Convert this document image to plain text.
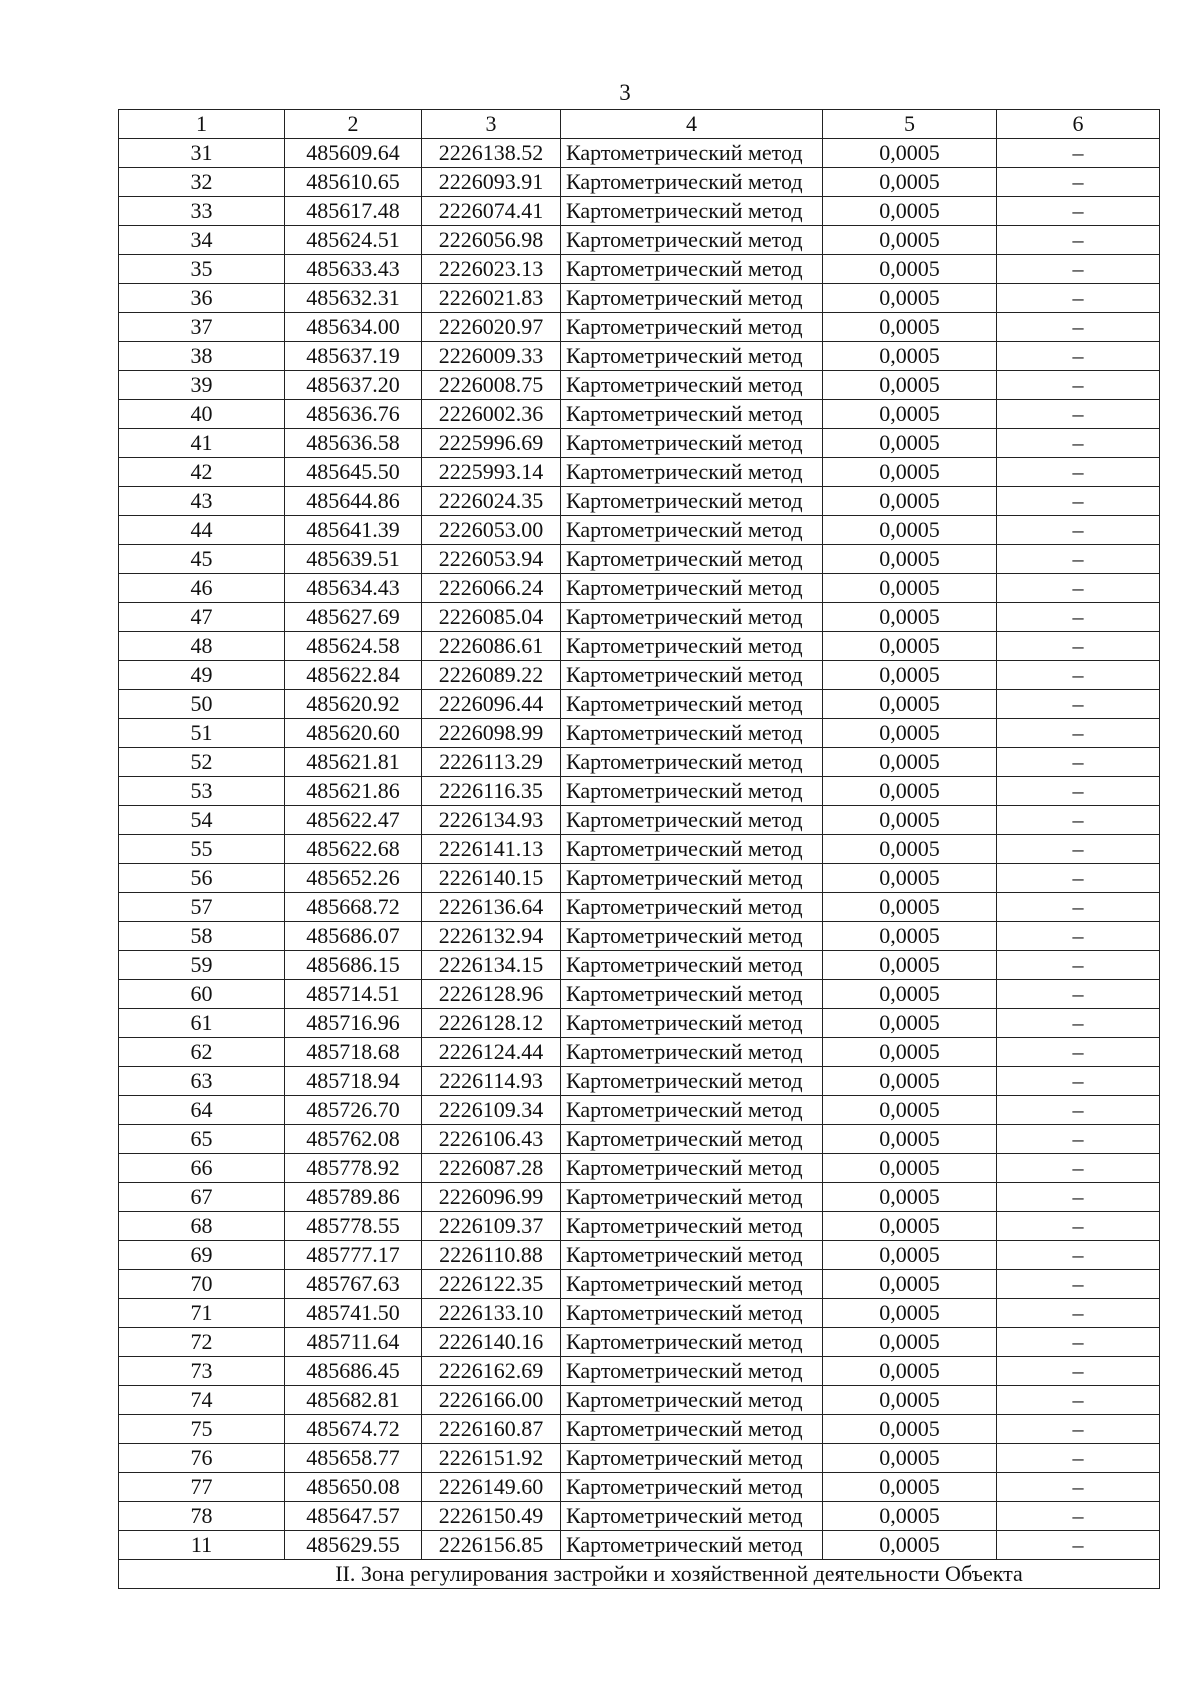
3
1	2	3	4	5	6
31	485609.64	2226138.52	Картометрический метод	0,0005	–
32	485610.65	2226093.91	Картометрический метод	0,0005	–
33	485617.48	2226074.41	Картометрический метод	0,0005	–
34	485624.51	2226056.98	Картометрический метод	0,0005	–
35	485633.43	2226023.13	Картометрический метод	0,0005	–
36	485632.31	2226021.83	Картометрический метод	0,0005	–
37	485634.00	2226020.97	Картометрический метод	0,0005	–
38	485637.19	2226009.33	Картометрический метод	0,0005	–
39	485637.20	2226008.75	Картометрический метод	0,0005	–
40	485636.76	2226002.36	Картометрический метод	0,0005	–
41	485636.58	2225996.69	Картометрический метод	0,0005	–
42	485645.50	2225993.14	Картометрический метод	0,0005	–
43	485644.86	2226024.35	Картометрический метод	0,0005	–
44	485641.39	2226053.00	Картометрический метод	0,0005	–
45	485639.51	2226053.94	Картометрический метод	0,0005	–
46	485634.43	2226066.24	Картометрический метод	0,0005	–
47	485627.69	2226085.04	Картометрический метод	0,0005	–
48	485624.58	2226086.61	Картометрический метод	0,0005	–
49	485622.84	2226089.22	Картометрический метод	0,0005	–
50	485620.92	2226096.44	Картометрический метод	0,0005	–
51	485620.60	2226098.99	Картометрический метод	0,0005	–
52	485621.81	2226113.29	Картометрический метод	0,0005	–
53	485621.86	2226116.35	Картометрический метод	0,0005	–
54	485622.47	2226134.93	Картометрический метод	0,0005	–
55	485622.68	2226141.13	Картометрический метод	0,0005	–
56	485652.26	2226140.15	Картометрический метод	0,0005	–
57	485668.72	2226136.64	Картометрический метод	0,0005	–
58	485686.07	2226132.94	Картометрический метод	0,0005	–
59	485686.15	2226134.15	Картометрический метод	0,0005	–
60	485714.51	2226128.96	Картометрический метод	0,0005	–
61	485716.96	2226128.12	Картометрический метод	0,0005	–
62	485718.68	2226124.44	Картометрический метод	0,0005	–
63	485718.94	2226114.93	Картометрический метод	0,0005	–
64	485726.70	2226109.34	Картометрический метод	0,0005	–
65	485762.08	2226106.43	Картометрический метод	0,0005	–
66	485778.92	2226087.28	Картометрический метод	0,0005	–
67	485789.86	2226096.99	Картометрический метод	0,0005	–
68	485778.55	2226109.37	Картометрический метод	0,0005	–
69	485777.17	2226110.88	Картометрический метод	0,0005	–
70	485767.63	2226122.35	Картометрический метод	0,0005	–
71	485741.50	2226133.10	Картометрический метод	0,0005	–
72	485711.64	2226140.16	Картометрический метод	0,0005	–
73	485686.45	2226162.69	Картометрический метод	0,0005	–
74	485682.81	2226166.00	Картометрический метод	0,0005	–
75	485674.72	2226160.87	Картометрический метод	0,0005	–
76	485658.77	2226151.92	Картометрический метод	0,0005	–
77	485650.08	2226149.60	Картометрический метод	0,0005	–
78	485647.57	2226150.49	Картометрический метод	0,0005	–
11	485629.55	2226156.85	Картометрический метод	0,0005	–
II. Зона регулирования застройки и хозяйственной деятельности Объекта					
